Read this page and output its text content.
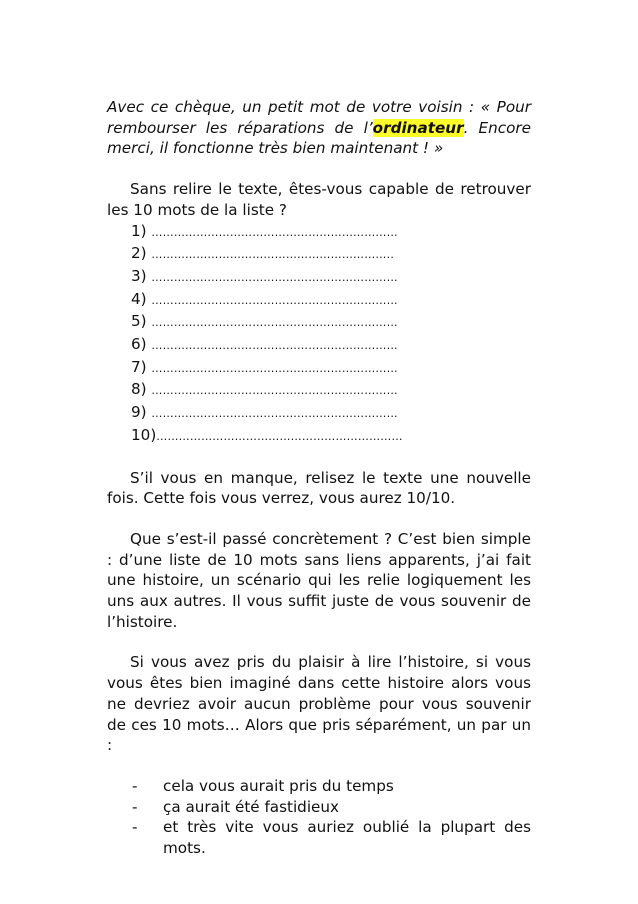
Avec ce chèque, un petit mot de votre voisin : « Pour rembourser les réparations de l’ordinateur. Encore merci, il fonctionne très bien maintenant ! »

Sans relire le texte, êtes-vous capable de retrouver les 10 mots de la liste ?

1) …………………………………………………………
2) ………………………………………………………..
3) …………………………………………………………
4) …………………………………………………………
5) …………………………………………………………
6) …………………………………………………………
7) …………………………………………………………
8) …………………………………………………………
9) …………………………………………………………
10)…………………………………………………………

S’il vous en manque, relisez le texte une nouvelle fois. Cette fois vous verrez, vous aurez 10/10.

Que s’est-il passé concrètement ? C’est bien simple : d’une liste de 10 mots sans liens apparents, j’ai fait une histoire, un scénario qui les relie logiquement les uns aux autres. Il vous suffit juste de vous souvenir de l’histoire.

Si vous avez pris du plaisir à lire l’histoire, si vous vous êtes bien imaginé dans cette histoire alors vous ne devriez avoir aucun problème pour vous souvenir de ces 10 mots… Alors que pris séparément, un par un :

- cela vous aurait pris du temps
- ça aurait été fastidieux
- et très vite vous auriez oublié la plupart des mots.
